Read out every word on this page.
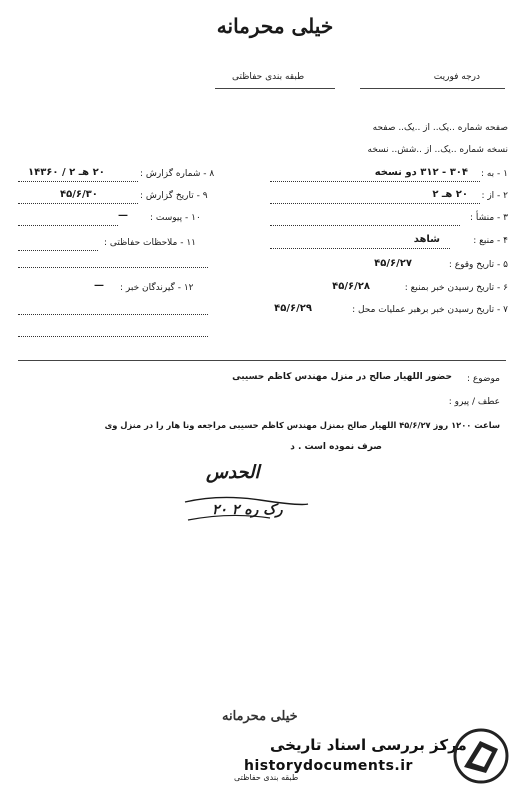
خیلی محرمانه
درجه فوریت
طبقه بندی حفاظتی
صفحه شماره ..یک.. از ..یک.. صفحه
نسخه شماره ..یک.. از ..شش.. نسخه
۱ - به :
۳۰۴ - ۳۱۲ دو نسخه
۲ - از :
۲۰ هـ ۲
۳ - منشأ :
۴ - منبع :
شاهد
۵ - تاریخ وقوع :
۴۵/۶/۲۷
۶ - تاریخ رسیدن خبر بمنبع :
۴۵/۶/۲۸
۷ - تاریخ رسیدن خبر برهبر عملیات محل :
۴۵/۶/۲۹
۸ - شماره گزارش :
۲۰ هـ ۲ / ۱۴۳۶۰
۹ - تاریخ گزارش :
۴۵/۶/۳۰
۱۰ - پیوست :
—
۱۱ - ملاحظات حفاظتی :
۱۲ - گیرندگان خبر :
—
موضوع :
حضور اللهیار صالح در منزل مهندس کاظم حسیبی
عطف / پیرو :
ساعت ۱۲۰۰ روز ۴۵/۶/۲۷ اللهیار صالح بمنزل مهندس کاظم حسیبی مراجعه ونا هار را در منزل وی
صرف نموده است . د
الحدس
۲۰ رک ره ۲
خیلی محرمانه
طبقه بندی حفاظتی
مرکز بررسی اسناد تاریخی
historydocuments.ir
